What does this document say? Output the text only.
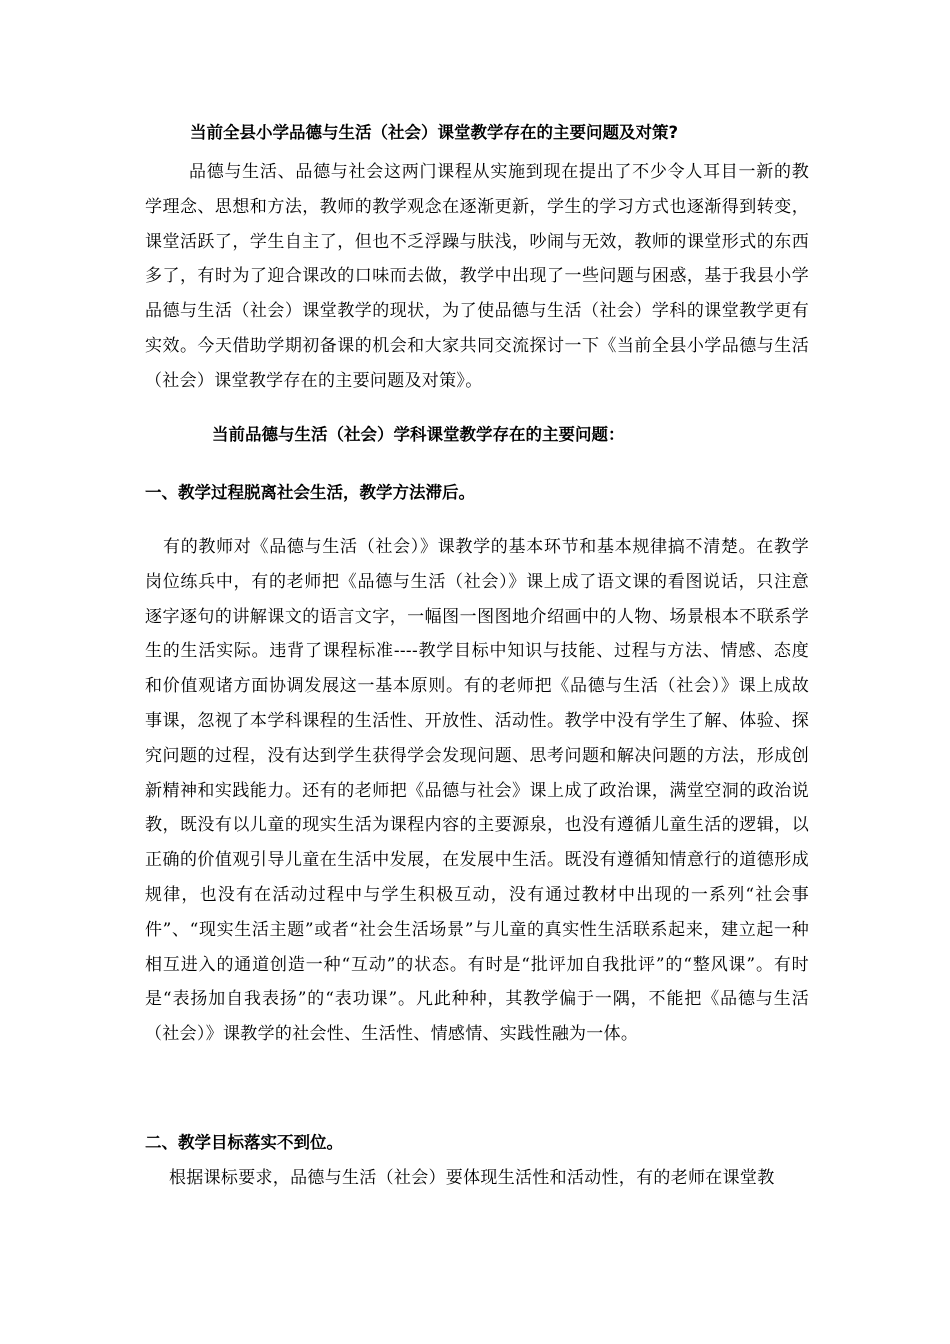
当前全县小学品德与生活（社会）课堂教学存在的主要问题及对策?
品德与生活、品德与社会这两门课程从实施到现在提出了不少令人耳目一新的教学理念、思想和方法，教师的教学观念在逐渐更新，学生的学习方式也逐渐得到转变，课堂活跃了，学生自主了，但也不乏浮躁与肤浅，吵闹与无效，教师的课堂形式的东西多了，有时为了迎合课改的口味而去做，教学中出现了一些问题与困惑，基于我县小学品德与生活（社会）课堂教学的现状，为了使品德与生活（社会）学科的课堂教学更有实效。今天借助学期初备课的机会和大家共同交流探讨一下《当前全县小学品德与生活（社会）课堂教学存在的主要问题及对策》。
当前品德与生活（社会）学科课堂教学存在的主要问题：
一、教学过程脱离社会生活，教学方法滞后。
有的教师对《品德与生活（社会）》课教学的基本环节和基本规律搞不清楚。在教学岗位练兵中，有的老师把《品德与生活（社会）》课上成了语文课的看图说话，只注意逐字逐句的讲解课文的语言文字，一幅图一图图地介绍画中的人物、场景根本不联系学生的生活实际。违背了课程标准----教学目标中知识与技能、过程与方法、情感、态度和价值观诸方面协调发展这一基本原则。有的老师把《品德与生活（社会）》课上成故事课，忽视了本学科课程的生活性、开放性、活动性。教学中没有学生了解、体验、探究问题的过程，没有达到学生获得学会发现问题、思考问题和解决问题的方法，形成创新精神和实践能力。还有的老师把《品德与社会》课上成了政治课，满堂空洞的政治说教，既没有以儿童的现实生活为课程内容的主要源泉，也没有遵循儿童生活的逻辑，以正确的价值观引导儿童在生活中发展，在发展中生活。既没有遵循知情意行的道德形成规律，也没有在活动过程中与学生积极互动，没有通过教材中出现的一系列“社会事件”、“现实生活主题”或者“社会生活场景”与儿童的真实性生活联系起来，建立起一种相互进入的通道创造一种“互动”的状态。有时是“批评加自我批评”的“整风课”。有时是“表扬加自我表扬”的“表功课”。凡此种种，其教学偏于一隅，不能把《品德与生活（社会）》课教学的社会性、生活性、情感情、实践性融为一体。
二、教学目标落实不到位。
根据课标要求，品德与生活（社会）要体现生活性和活动性，有的老师在课堂教
